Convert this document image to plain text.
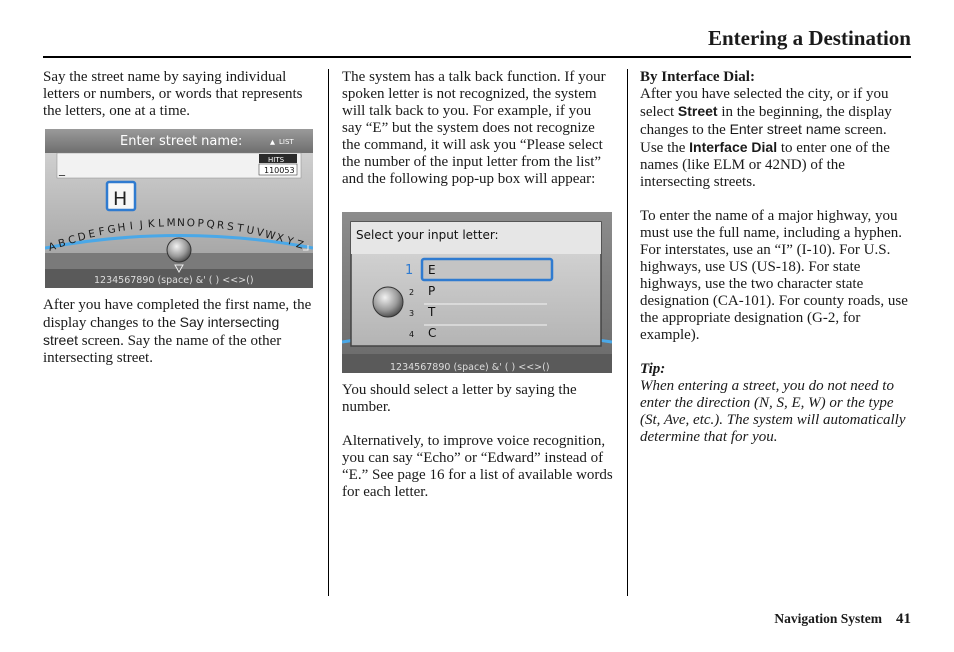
Entering a Destination

Say the street name by saying individual letters or numbers, or words that represents the letters, one at a time.

Enter street name:	▲ LIST
HITS
110053
_
H
A B C D E F G H I J K L M N O P Q R S T U V W
X Y Z
1234567890 (space) &' ( ) <<>()

After you have completed the first name, the display changes to the Say intersecting street screen. Say the name of the other intersecting street.

The system has a talk back function. If your spoken letter is not recognized, the system will talk back to you. For example, if you say “E” but the system does not recognize the command, it will ask you “Please select the number of the input letter from the list” and the following pop-up box will appear:

Select your input letter:
1 E
2 P
3 T
4 C
1234567890 (space) &' ( ) <<>()

You should select a letter by saying the number.

Alternatively, to improve voice recognition, you can say “Echo” or “Edward” instead of “E.” See page 16 for a list of available words for each letter.

By Interface Dial:

After you have selected the city, or if you select Street in the beginning, the display changes to the Enter street name screen. Use the Interface Dial to enter one of the names (like ELM or 42ND) of the intersecting streets.

To enter the name of a major highway, you must use the full name, including a hyphen. For interstates, use an “I” (I-10). For U.S. highways, use US (US-18). For state highways, use the two character state designation (CA-101). For county roads, use the appropriate designation (G-2, for example).

Tip:

When entering a street, you do not need to enter the direction (N, S, E, W) or the type (St, Ave, etc.). The system will automatically determine that for you.

Navigation System 41
